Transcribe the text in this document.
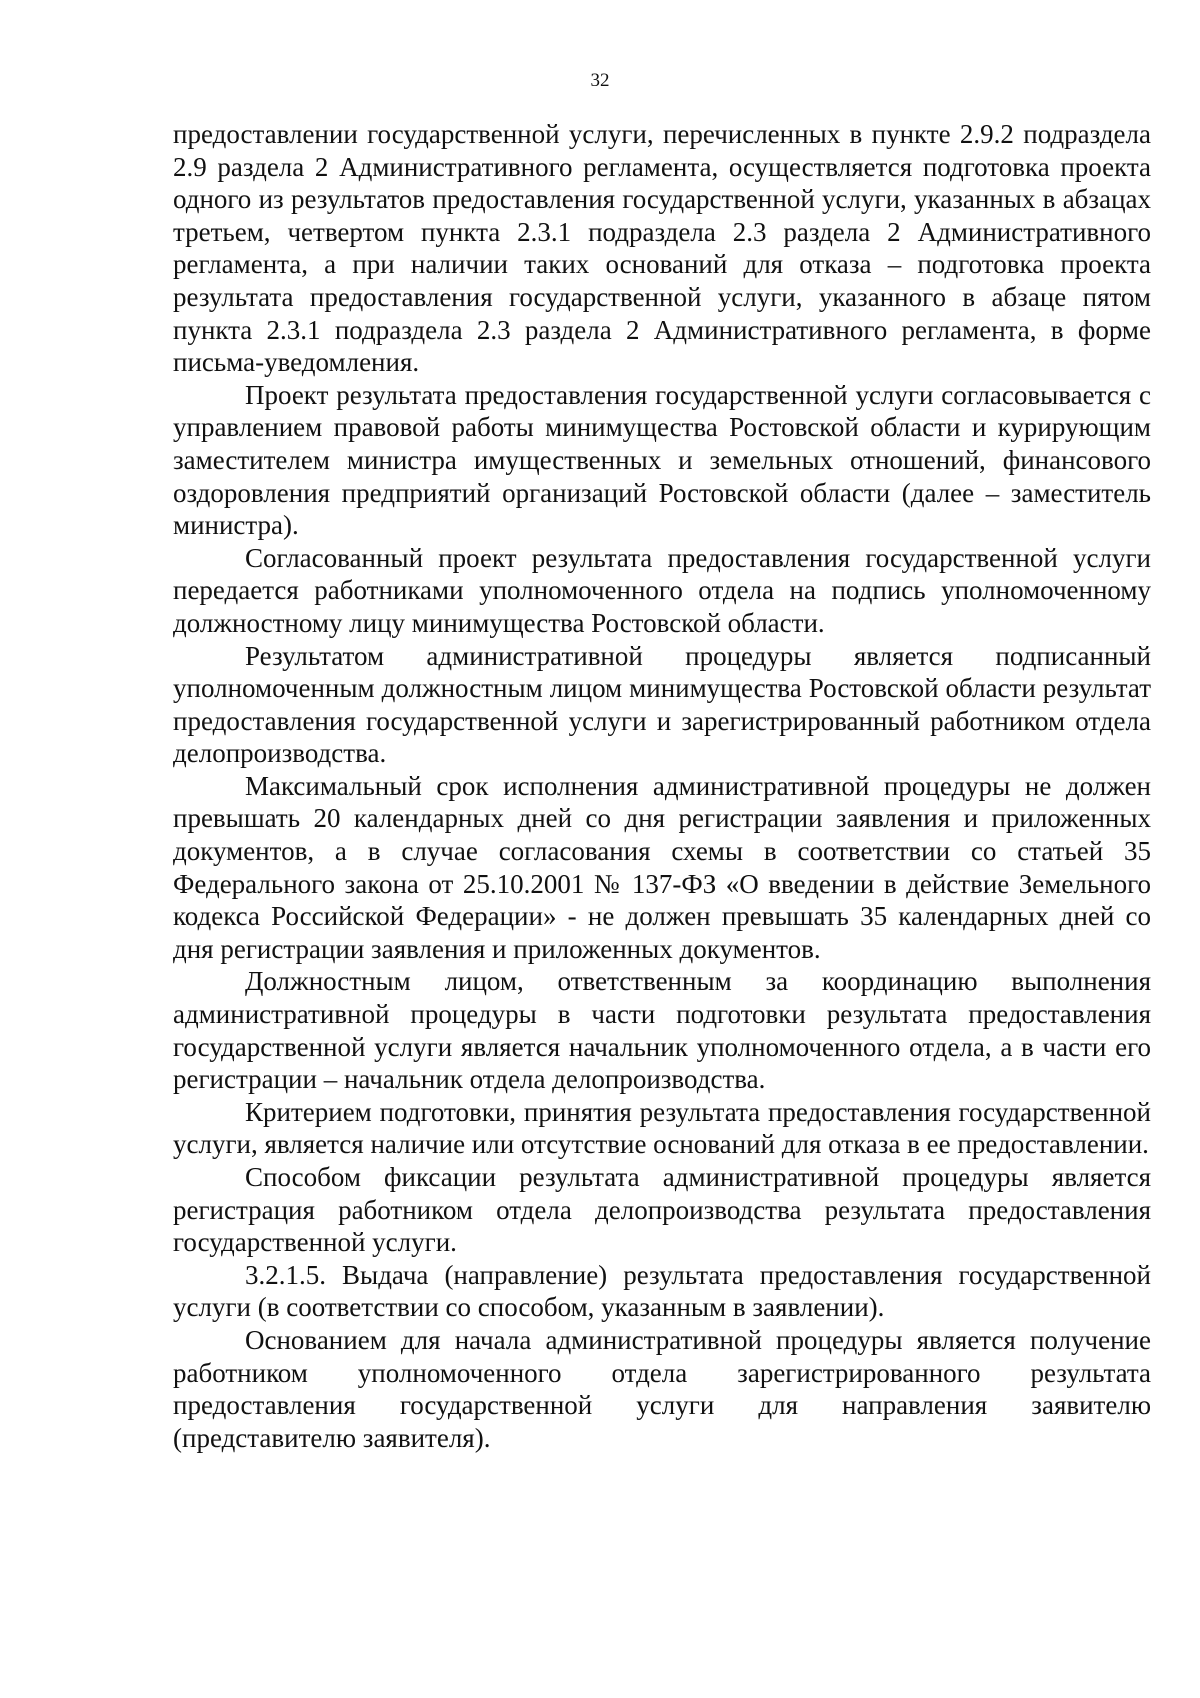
32

предоставлении государственной услуги, перечисленных в пункте 2.9.2 подраздела 2.9 раздела 2 Административного регламента, осуществляется подготовка проекта одного из результатов предоставления государственной услуги, указанных в абзацах третьем, четвертом пункта 2.3.1 подраздела 2.3 раздела 2 Административного регламента, а при наличии таких оснований для отказа – подготовка проекта результата предоставления государственной услуги, указанного в абзаце пятом пункта 2.3.1 подраздела 2.3 раздела 2 Административного регламента, в форме письма-уведомления.

Проект результата предоставления государственной услуги согласовывается с управлением правовой работы минимущества Ростовской области и курирующим заместителем министра имущественных и земельных отношений, финансового оздоровления предприятий организаций Ростовской области (далее – заместитель министра).

Согласованный проект результата предоставления государственной услуги передается работниками уполномоченного отдела на подпись уполномоченному должностному лицу минимущества Ростовской области.

Результатом административной процедуры является подписанный уполномоченным должностным лицом минимущества Ростовской области результат предоставления государственной услуги и зарегистрированный работником отдела делопроизводства.

Максимальный срок исполнения административной процедуры не должен превышать 20 календарных дней со дня регистрации заявления и приложенных документов, а в случае согласования схемы в соответствии со статьей 35 Федерального закона от 25.10.2001 № 137-ФЗ «О введении в действие Земельного кодекса Российской Федерации» - не должен превышать 35 календарных дней со дня регистрации заявления и приложенных документов.

Должностным лицом, ответственным за координацию выполнения административной процедуры в части подготовки результата предоставления государственной услуги является начальник уполномоченного отдела, а в части его регистрации – начальник отдела делопроизводства.

Критерием подготовки, принятия результата предоставления государственной услуги, является наличие или отсутствие оснований для отказа в ее предоставлении.

Способом фиксации результата административной процедуры является регистрация работником отдела делопроизводства результата предоставления государственной услуги.

3.2.1.5. Выдача (направление) результата предоставления государственной услуги (в соответствии со способом, указанным в заявлении).

Основанием для начала административной процедуры является получение работником уполномоченного отдела зарегистрированного результата предоставления государственной услуги для направления заявителю (представителю заявителя).
